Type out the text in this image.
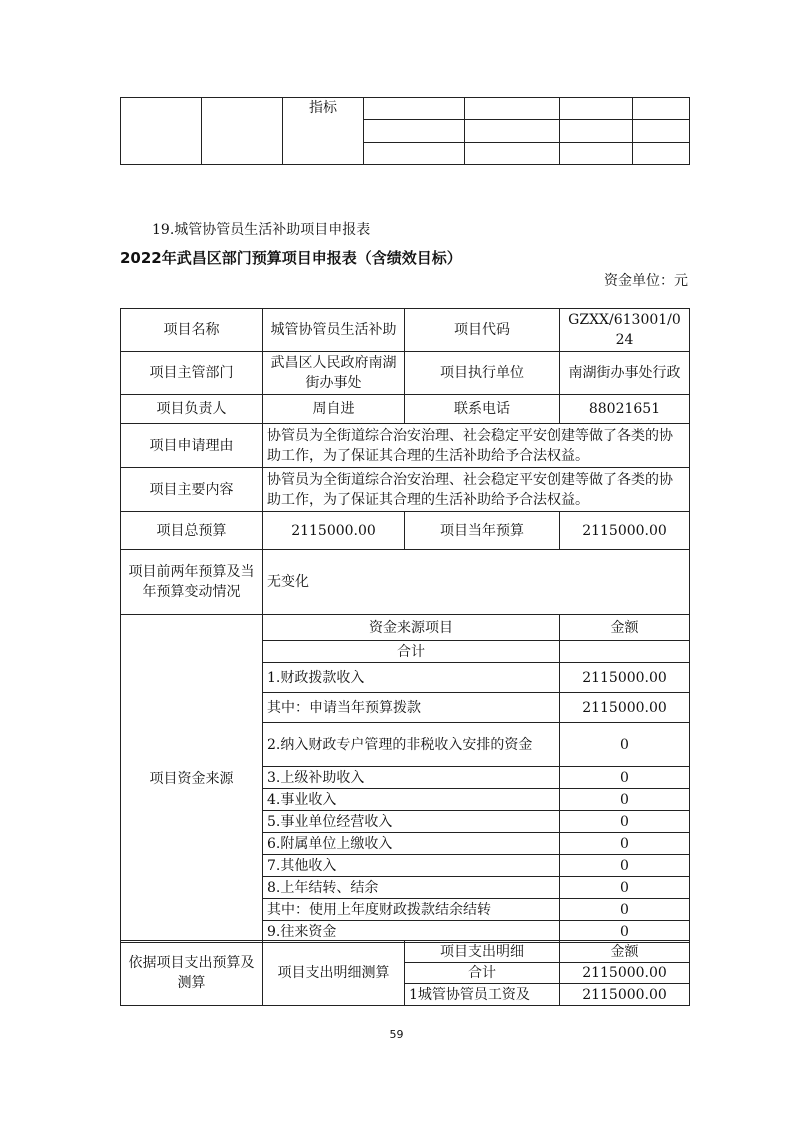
		指标				

19.城管协管员生活补助项目申报表
2022年武昌区部门预算项目申报表（含绩效目标）
资金单位：元
项目名称	城管协管员生活补助	项目代码	GZXX/613001/024
项目主管部门	武昌区人民政府南湖街办事处	项目执行单位	南湖街办事处行政
项目负责人	周自进	联系电话	88021651
项目申请理由	协管员为全街道综合治安治理、社会稳定平安创建等做了各类的协助工作，为了保证其合理的生活补助给予合法权益。		
项目主要内容	协管员为全街道综合治安治理、社会稳定平安创建等做了各类的协助工作，为了保证其合理的生活补助给予合法权益。		
项目总预算	2115000.00	项目当年预算	2115000.00
项目前两年预算及当年预算变动情况	无变化		
项目资金来源	资金来源项目	金额
	合计	
	1.财政拨款收入	2115000.00
	其中：申请当年预算拨款	2115000.00
	2.纳入财政专户管理的非税收入安排的资金	0
	3.上级补助收入	0
	4.事业收入	0
	5.事业单位经营收入	0
	6.附属单位上缴收入	0
	7.其他收入	0
	8.上年结转、结余	0
	其中：使用上年度财政拨款结余结转	0
	9.往来资金	0
依据项目支出预算及测算	项目支出明细测算	项目支出明细	金额
		合计	2115000.00
		1城管协管员工资及	2115000.00
59
